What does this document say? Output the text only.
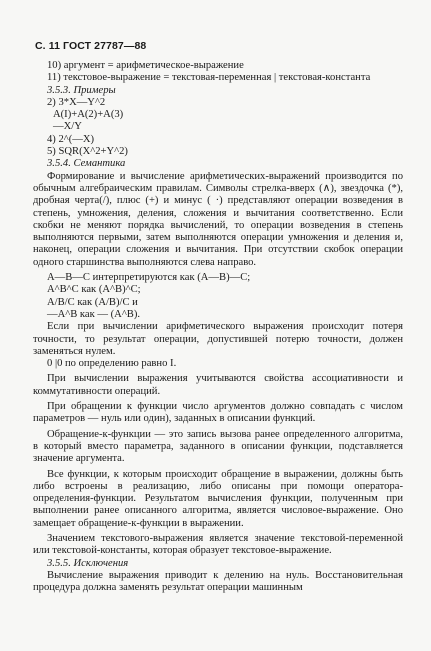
С. 11 ГОСТ 27787—88

10) аргумент = арифметическое-выражение

11) текстовое-выражение = текстовая-переменная | текстовая-константа

3.5.3. Примеры

2) 3*X—Y^2

A(I)+A(2)+A(3)

—X/Y

4) 2^(—X)

5) SQR(X^2+Y^2)

3.5.4. Семантика

Формирование и вычисление арифметических-выражений производится по обычным алгебраическим правилам. Символы стрелка-вверх (∧), звездочка (*), дробная черта(/), плюс (+) и минус ( ·) представляют операции возведения в степень, умножения, деления, сложения и вычитания соответственно. Если скобки не меняют порядка вычислений, то операции возведения в степень выполняются первыми, затем выполняются операции умножения и деления и, наконец, операции сложения и вычитания. При отсутствии скобок операции одного старшинства выполняются слева направо.

A—B—C интерпретируются как (A—B)—C;

A^B^C как (A^B)^C;

A/B/C как (A/B)/C и

—A^B как — (A^B).

Если при вычислении арифметического выражения происходит потеря точности, то результат операции, допустившей потерю точности, должен заменяться нулем.

0 |0 по определению равно I.

При вычислении выражения учитываются свойства ассоциативности и коммутативности операций.

При обращении к функции число аргументов должно совпадать с числом параметров — нуль или один), заданных в описании функций.

Обращение-к-функции — это запись вызова ранее определенного алгоритма, в который вместо параметра, заданного в описании функции, подставляется значение аргумента.

Все функции, к которым происходит обращение в выражении, должны быть либо встроены в реализацию, либо описаны при помощи оператора-определения-функции. Результатом вычисления функции, полученным при выполнении ранее описанного алгоритма, является числовое-выражение. Оно замещает обращение-к-функции в выражении.

Значением текстового-выражения является значение текстовой-переменной или текстовой-константы, которая образует текстовое-выражение.

3.5.5. Исключения

Вычисление выражения приводит к делению на нуль. Восстановительная процедура должна заменять результат операции машинным
